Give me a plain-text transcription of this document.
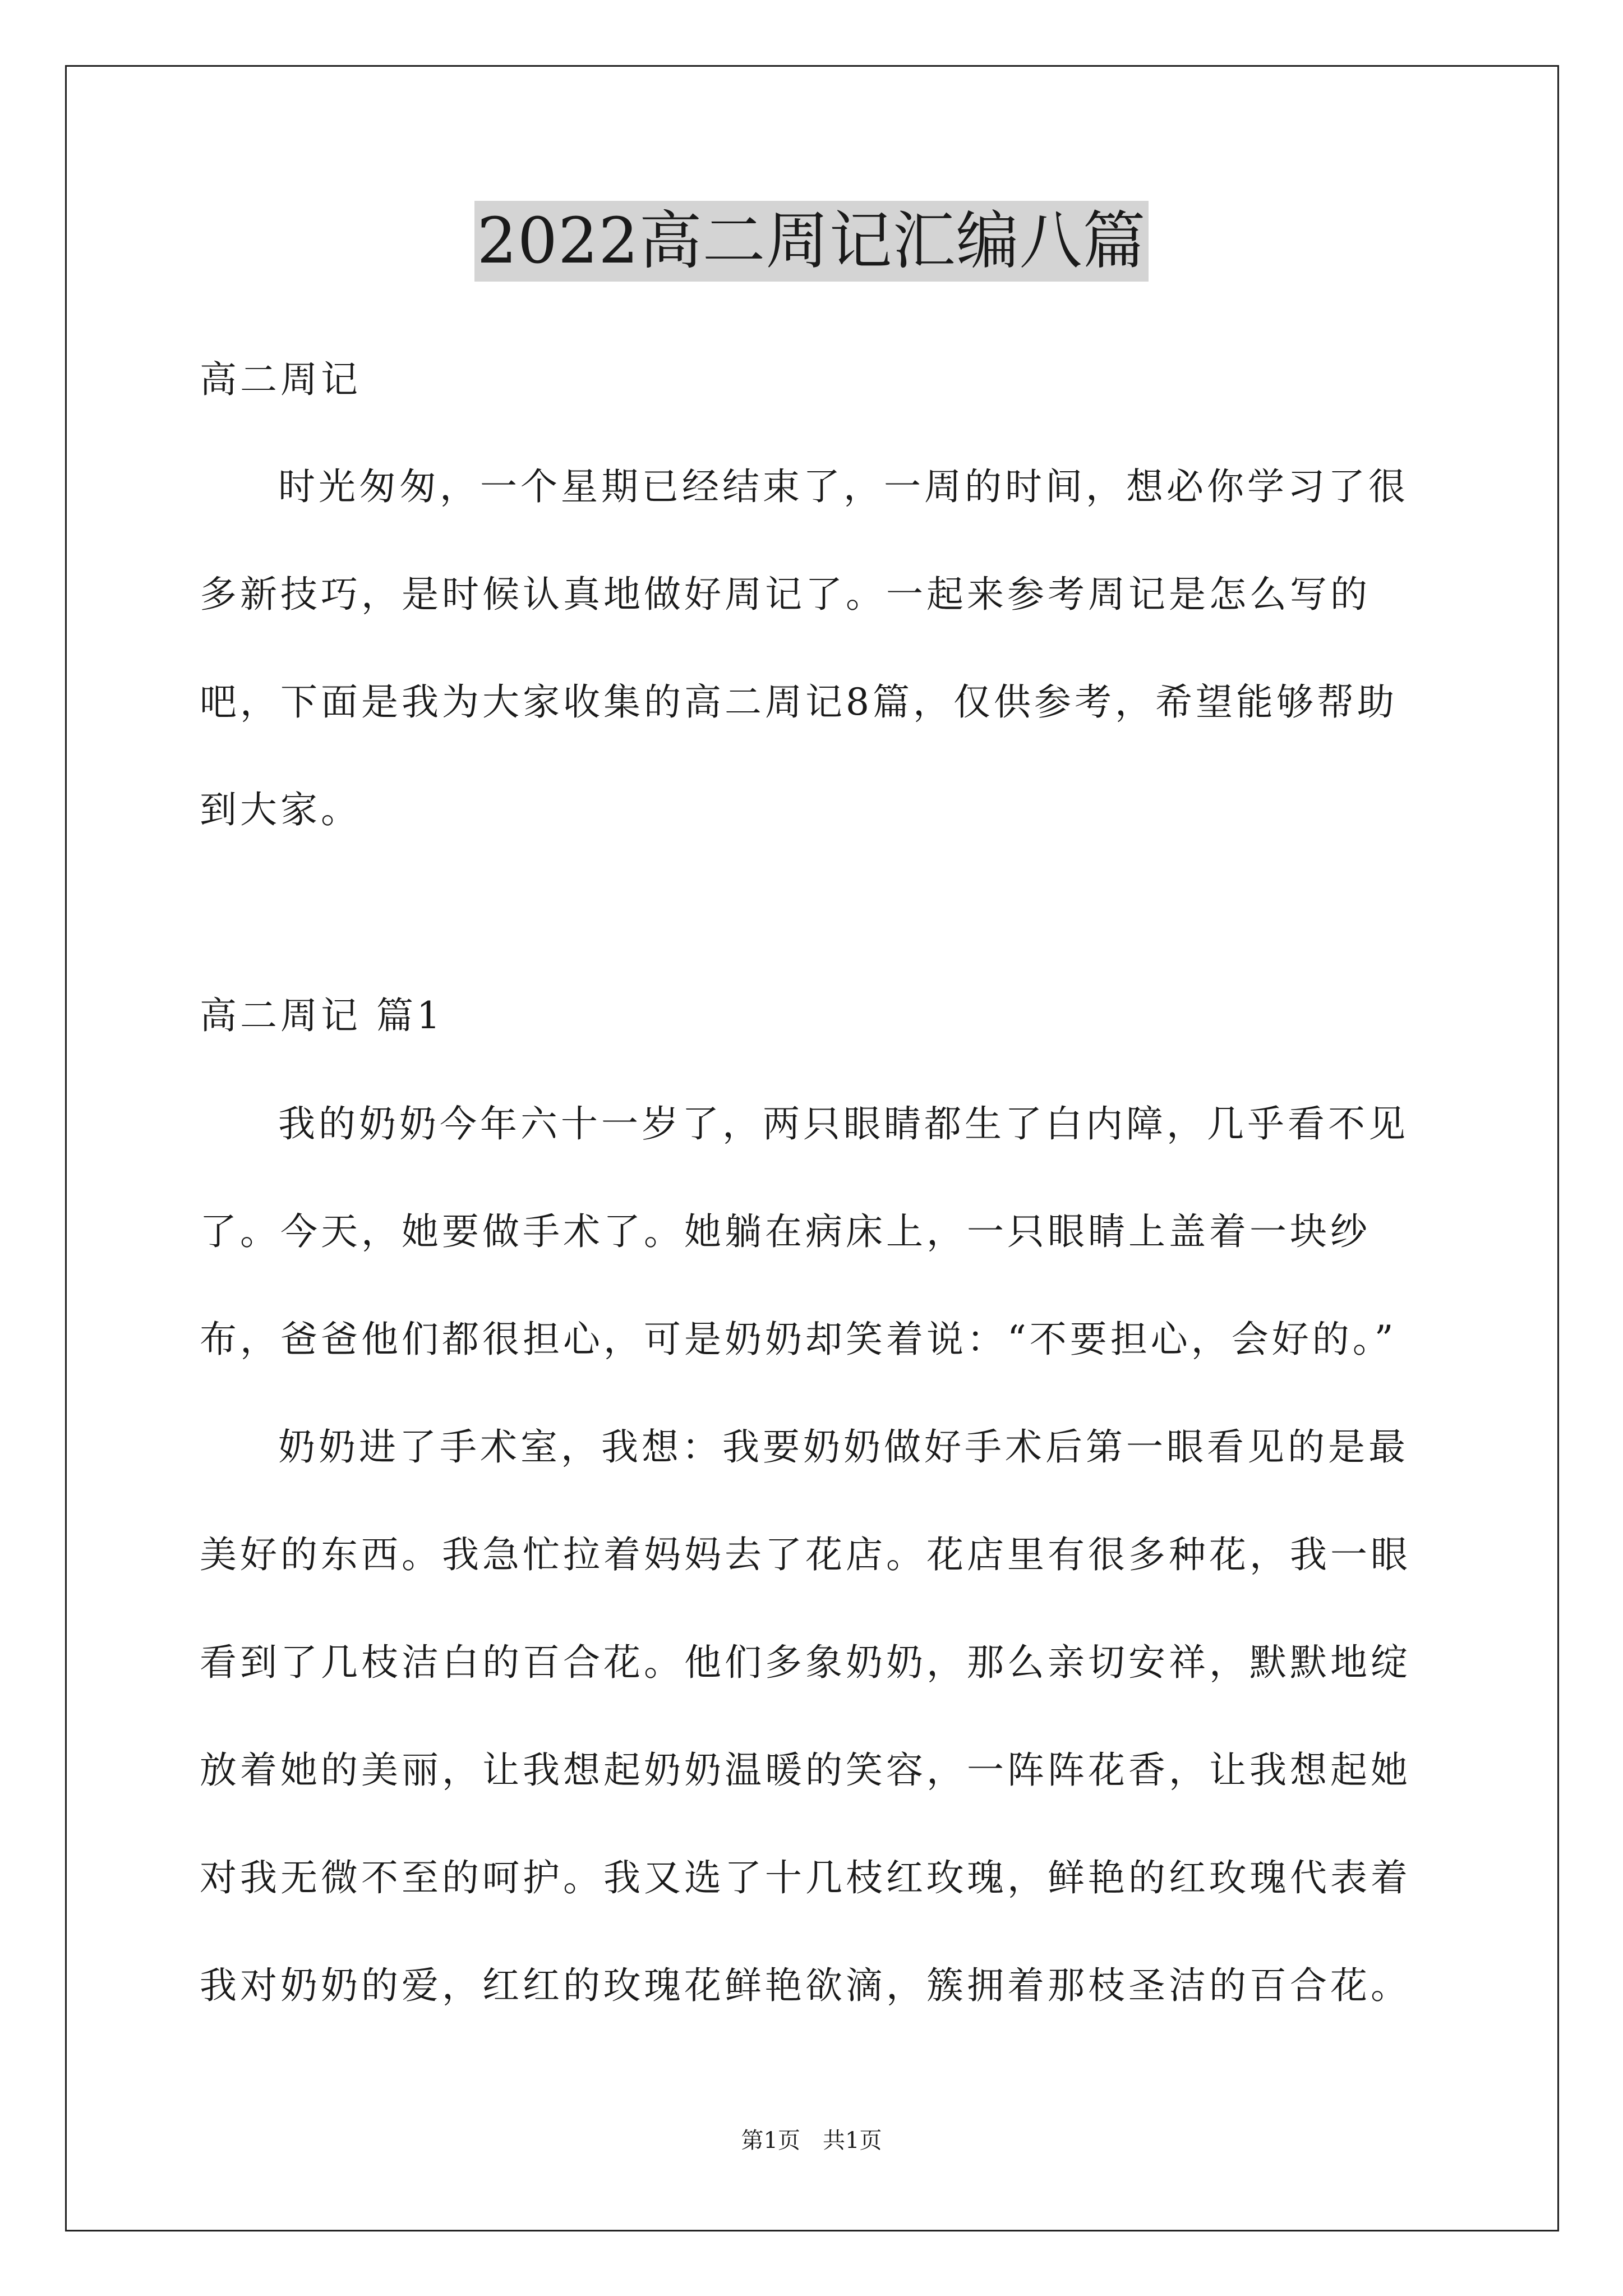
2022高二周记汇编八篇

高二周记

时光匆匆，一个星期已经结束了，一周的时间，想必你学习了很多新技巧，是时候认真地做好周记了。一起来参考周记是怎么写的吧，下面是我为大家收集的高二周记8篇，仅供参考，希望能够帮助到大家。

高二周记 篇1

我的奶奶今年六十一岁了，两只眼睛都生了白内障，几乎看不见了。今天，她要做手术了。她躺在病床上，一只眼睛上盖着一块纱布，爸爸他们都很担心，可是奶奶却笑着说：“不要担心，会好的。”

奶奶进了手术室，我想：我要奶奶做好手术后第一眼看见的是最美好的东西。我急忙拉着妈妈去了花店。花店里有很多种花，我一眼看到了几枝洁白的百合花。他们多象奶奶，那么亲切安祥，默默地绽放着她的美丽，让我想起奶奶温暖的笑容，一阵阵花香，让我想起她对我无微不至的呵护。我又选了十几枝红玫瑰，鲜艳的红玫瑰代表着我对奶奶的爱，红红的玫瑰花鲜艳欲滴，簇拥着那枝圣洁的百合花。

第1页　共1页
